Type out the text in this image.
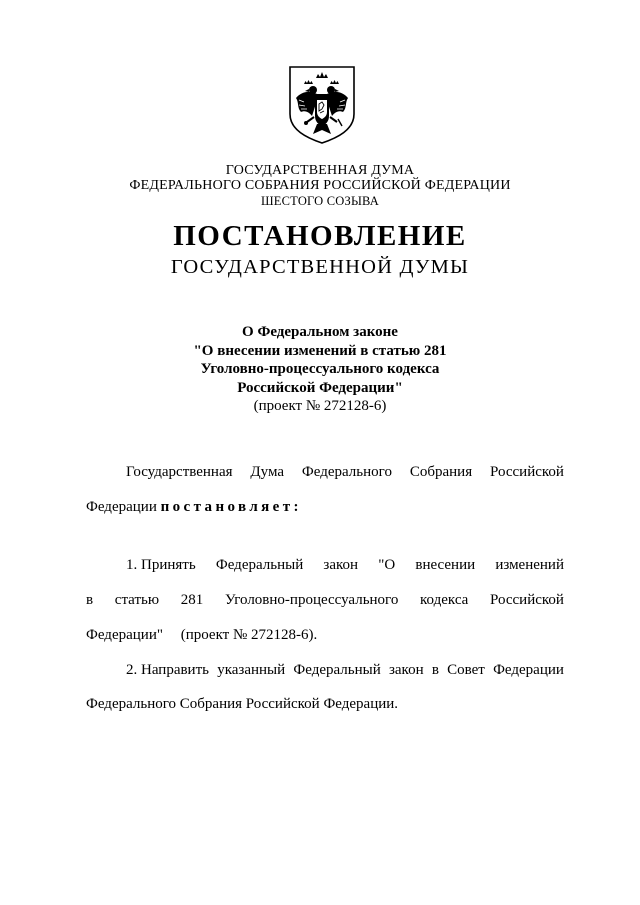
ГОСУДАРСТВЕННАЯ ДУМА
ФЕДЕРАЛЬНОГО СОБРАНИЯ РОССИЙСКОЙ ФЕДЕРАЦИИ
ШЕСТОГО СОЗЫВА
ПОСТАНОВЛЕНИЕ
ГОСУДАРСТВЕННОЙ ДУМЫ
О Федеральном законе
"О внесении изменений в статью 281
Уголовно-процессуального кодекса
Российской Федерации"
(проект № 272128-6)
Государственная Дума Федерального Собрания Российской
Федерации постановляет:
1. Принять Федеральный закон "О внесении изменений
в статью 281 Уголовно-процессуального кодекса Российской
Федерации" (проект № 272128-6).
2. Направить указанный Федеральный закон в Совет Федерации
Федерального Собрания Российской Федерации.
